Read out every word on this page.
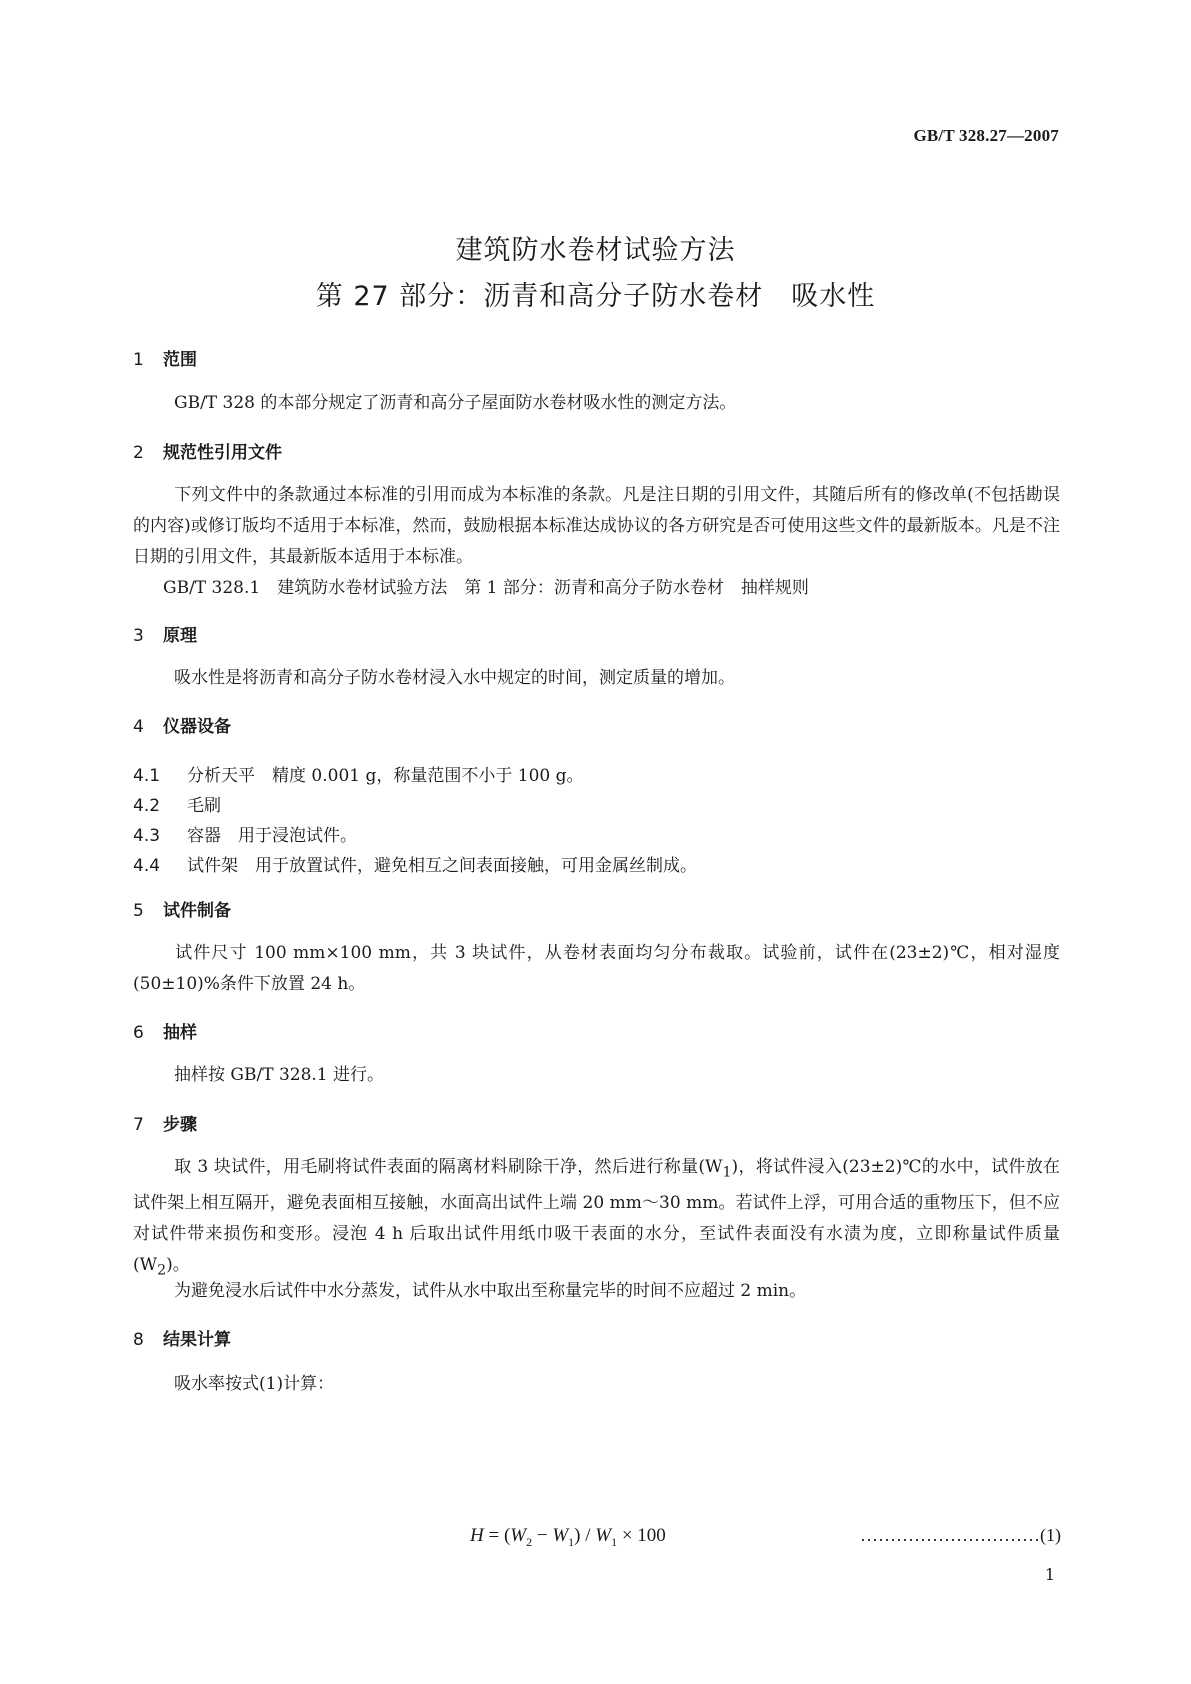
GB/T 328.27—2007
建筑防水卷材试验方法
第 27 部分：沥青和高分子防水卷材　吸水性
1 范围
GB/T 328 的本部分规定了沥青和高分子屋面防水卷材吸水性的测定方法。
2 规范性引用文件
下列文件中的条款通过本标准的引用而成为本标准的条款。凡是注日期的引用文件，其随后所有的修改单(不包括勘误的内容)或修订版均不适用于本标准，然而，鼓励根据本标准达成协议的各方研究是否可使用这些文件的最新版本。凡是不注日期的引用文件，其最新版本适用于本标准。
GB/T 328.1　建筑防水卷材试验方法　第 1 部分：沥青和高分子防水卷材　抽样规则
3 原理
吸水性是将沥青和高分子防水卷材浸入水中规定的时间，测定质量的增加。
4 仪器设备
4.1 分析天平　精度 0.001 g，称量范围不小于 100 g。
4.2 毛刷
4.3 容器　用于浸泡试件。
4.4 试件架　用于放置试件，避免相互之间表面接触，可用金属丝制成。
5 试件制备
试件尺寸 100 mm×100 mm，共 3 块试件，从卷材表面均匀分布裁取。试验前，试件在(23±2)℃，相对湿度(50±10)%条件下放置 24 h。
6 抽样
抽样按 GB/T 328.1 进行。
7 步骤
取 3 块试件，用毛刷将试件表面的隔离材料刷除干净，然后进行称量$(W_1)$，将试件浸入(23±2)℃的水中，试件放在试件架上相互隔开，避免表面相互接触，水面高出试件上端 20 mm～30 mm。若试件上浮，可用合适的重物压下，但不应对试件带来损伤和变形。浸泡 4 h 后取出试件用纸巾吸干表面的水分，至试件表面没有水渍为度，立即称量试件质量$(W_2)$。
为避免浸水后试件中水分蒸发，试件从水中取出至称量完毕的时间不应超过 2 min。
8 结果计算
吸水率按式(1)计算：
$H = (W_2 - W_1) / W_1 \times 100$	…………………………(1)
1
